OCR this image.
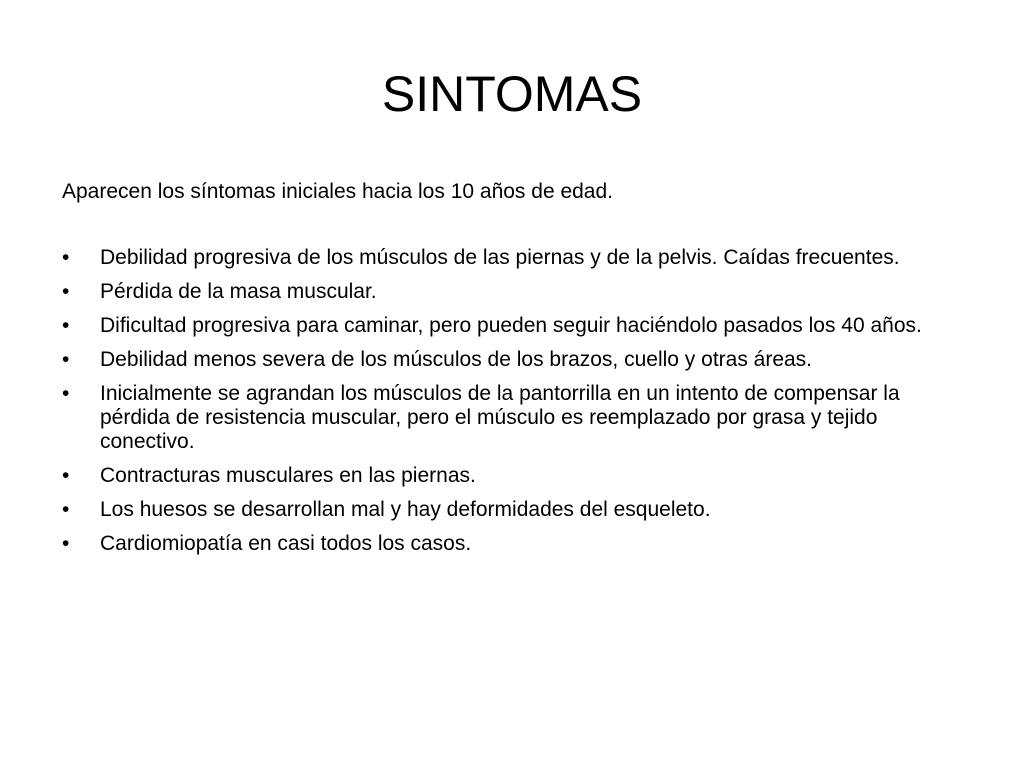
SINTOMAS

Aparecen los síntomas iniciales hacia los 10 años de edad.

•	Debilidad progresiva de los músculos de las piernas y de la pelvis. Caídas frecuentes.
•	Pérdida de la masa muscular.
•	Dificultad progresiva para caminar, pero pueden seguir haciéndolo pasados los 40 años.
•	Debilidad menos severa de los músculos de los brazos, cuello y otras áreas.
•	Inicialmente se agrandan los músculos de la pantorrilla en un intento de compensar la pérdida de resistencia muscular, pero el músculo es reemplazado por grasa y tejido conectivo.
•	Contracturas musculares en las piernas.
•	Los huesos se desarrollan mal y hay deformidades del esqueleto.
•	Cardiomiopatía en casi todos los casos.
